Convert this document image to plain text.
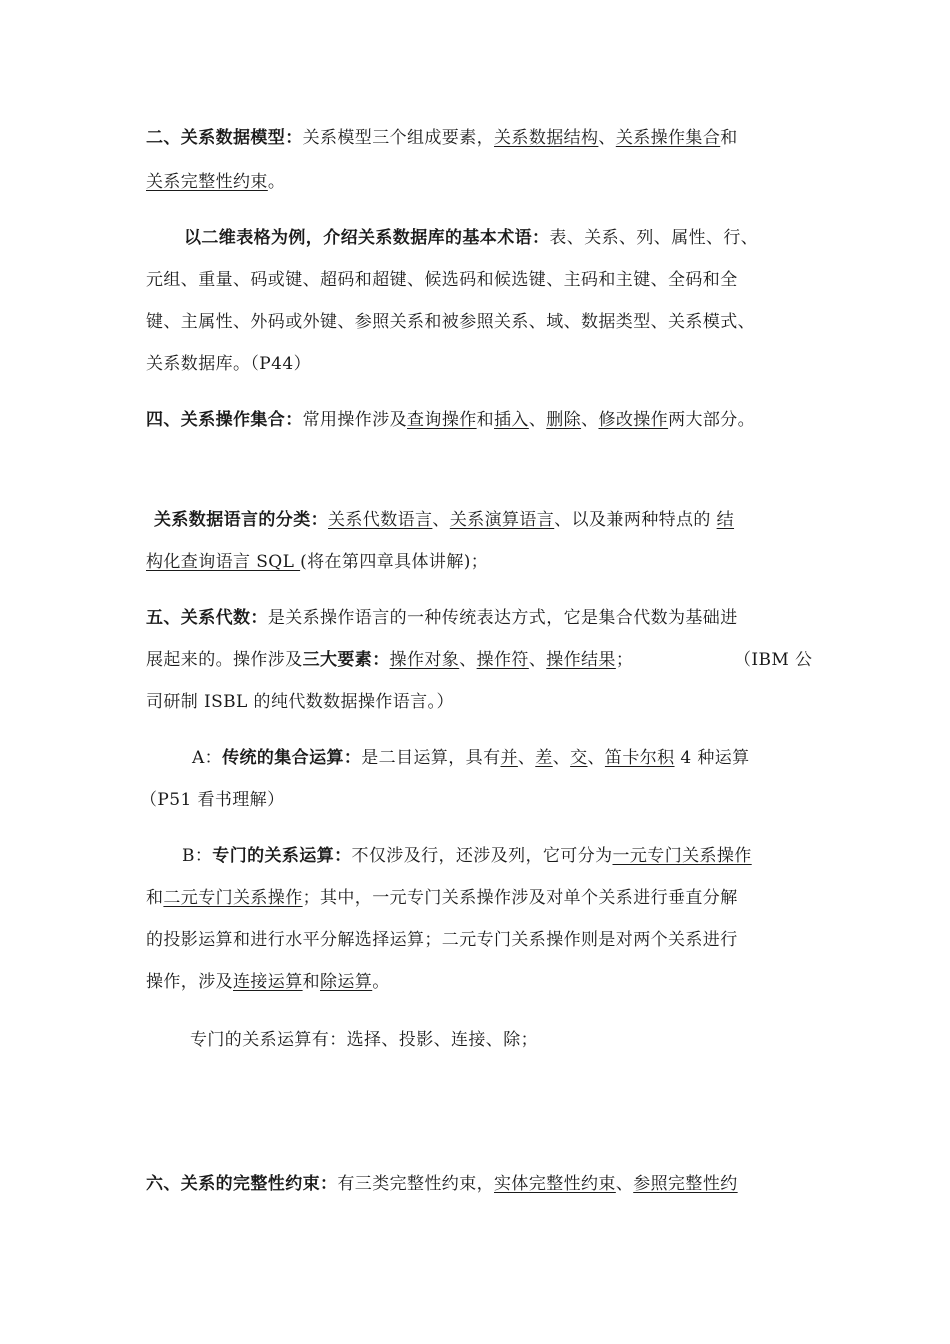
二、关系数据模型：关系模型三个组成要素，关系数据结构、关系操作集合和
关系完整性约束。
以二维表格为例，介绍关系数据库的基本术语：表、关系、列、属性、行、
元组、重量、码或键、超码和超键、候选码和候选键、主码和主键、全码和全
键、主属性、外码或外键、参照关系和被参照关系、域、数据类型、关系模式、
关系数据库。（P44）
四、关系操作集合：常用操作涉及查询操作和插入、删除、修改操作两大部分。
关系数据语言的分类：关系代数语言、关系演算语言、以及兼两种特点的 结
构化查询语言 SQL (将在第四章具体讲解)；
五、关系代数：是关系操作语言的一种传统表达方式，它是集合代数为基础进
展起来的。操作涉及三大要素：操作对象、操作符、操作结果；	（IBM 公
司研制 ISBL 的纯代数数据操作语言。）
A：传统的集合运算：是二目运算，具有并、差、交、笛卡尔积 4 种运算
（P51 看书理解）
B：专门的关系运算：不仅涉及行，还涉及列，它可分为一元专门关系操作
和二元专门关系操作；其中，一元专门关系操作涉及对单个关系进行垂直分解
的投影运算和进行水平分解选择运算；二元专门关系操作则是对两个关系进行
操作，涉及连接运算和除运算。
专门的关系运算有：选择、投影、连接、除；
六、关系的完整性约束：有三类完整性约束，实体完整性约束、参照完整性约
